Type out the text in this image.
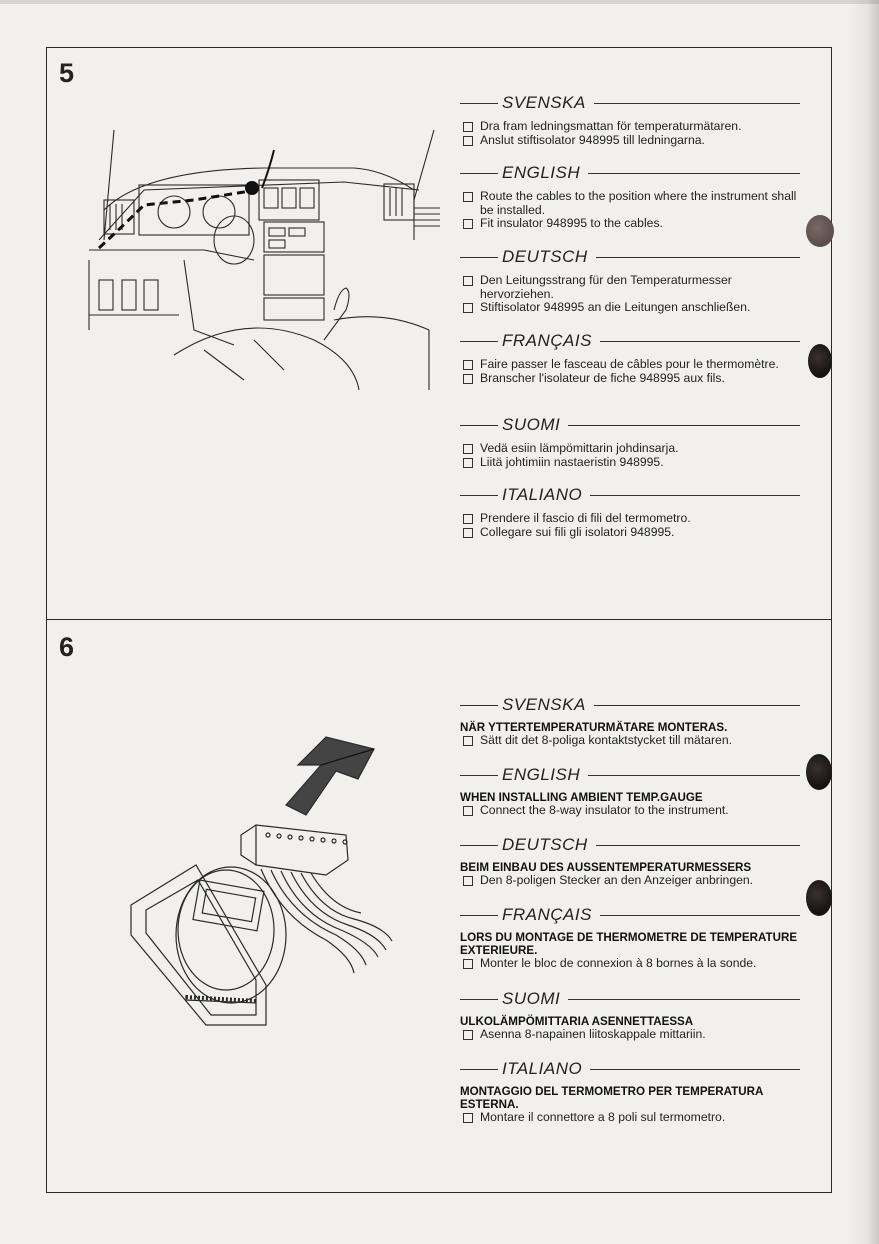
5
SVENSKA
Dra fram ledningsmattan för temperaturmätaren.
Anslut stiftisolator 948995 till ledningarna.
ENGLISH
Route the cables to the position where the instrument shall be installed.
Fit insulator 948995 to the cables.
DEUTSCH
Den Leitungsstrang für den Temperaturmesser hervorziehen.
Stiftisolator 948995 an die Leitungen anschließen.
FRANÇAIS
Faire passer le fasceau de câbles pour le thermomètre.
Branscher l'isolateur de fiche 948995 aux fils.
SUOMI
Vedä esiin lämpömittarin johdinsarja.
Liitä johtimiin nastaeristin 948995.
ITALIANO
Prendere il fascio di fili del termometro.
Collegare sui fili gli isolatori 948995.
6
SVENSKA
NÄR YTTERTEMPERATURMÄTARE MONTERAS.
Sätt dit det 8-poliga kontaktstycket till mätaren.
ENGLISH
WHEN INSTALLING AMBIENT TEMP.GAUGE
Connect the 8-way insulator to the instrument.
DEUTSCH
BEIM EINBAU DES AUSSENTEMPERATURMESSERS
Den 8-poligen Stecker an den Anzeiger anbringen.
FRANÇAIS
LORS DU MONTAGE DE THERMOMETRE DE TEMPERATURE EXTERIEURE.
Monter le bloc de connexion à 8 bornes à la sonde.
SUOMI
ULKOLÄMPÖMITTARIA ASENNETTAESSA
Asenna 8-napainen liitoskappale mittariin.
ITALIANO
MONTAGGIO DEL TERMOMETRO PER TEMPERATURA ESTERNA.
Montare il connettore a 8 poli sul termometro.
